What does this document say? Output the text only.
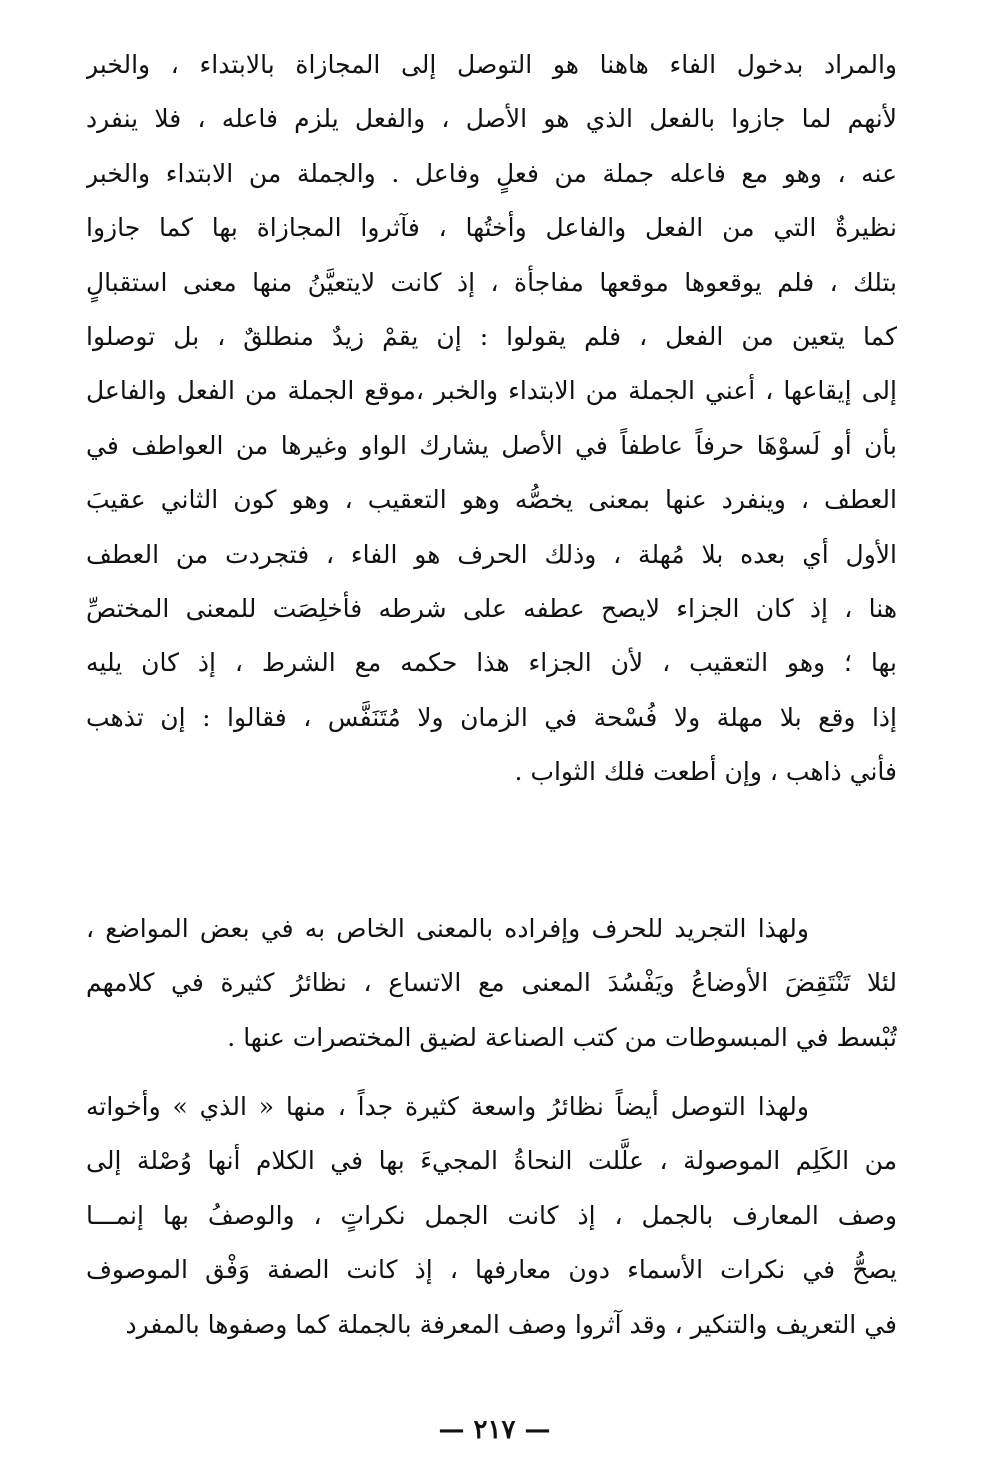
والمراد بدخول الفاء هاهنا هو التوصل إلى المجازاة بالابتداء ، والخبر
لأنهم لما جازوا بالفعل الذي هو الأصل ، والفعل يلزم فاعله ، فلا ينفرد
عنه ، وهو مع فاعله جملة من فعلٍ وفاعل . والجملة من الابتداء والخبر
نظيرةٌ التي من الفعل والفاعل وأختُها ، فآثروا المجازاة بها كما جازوا
بتلك ، فلم يوقعوها موقعها مفاجأة ، إذ كانت لايتعيَّنُ منها معنى استقبالٍ
كما يتعين من الفعل ، فلم يقولوا : إن يقمْ زيدٌ منطلقٌ ، بل توصلوا
إلى إيقاعها ، أعني الجملة من الابتداء والخبر ،موقع الجملة من الفعل والفاعل
بأن أو لَسوْهَا حرفاً عاطفاً في الأصل يشارك الواو وغيرها من العواطف في
العطف ، وينفرد عنها بمعنى يخصُّه وهو التعقيب ، وهو كون الثاني عقيبَ
الأول أي بعده بلا مُهلة ، وذلك الحرف هو الفاء ، فتجردت من العطف
هنا ، إذ كان الجزاء لايصح عطفه على شرطه فأخلِصَت للمعنى المختصِّ
بها ؛ وهو التعقيب ، لأن الجزاء هذا حكمه مع الشرط ، إذ كان يليه
إذا وقع بلا مهلة ولا فُسْحة في الزمان ولا مُتَنَفَّس ، فقالوا : إن تذهب
فأني ذاهب ، وإن أطعت فلك الثواب .
ولهذا التجريد للحرف وإفراده بالمعنى الخاص به في بعض المواضع ،
لئلا تَنْتَقِضَ الأوضاعُ ويَفْسُدَ المعنى مع الاتساع ، نظائرُ كثيرة في كلامهم
تُبْسط في المبسوطات من كتب الصناعة لضيق المختصرات عنها .
ولهذا التوصل أيضاً نظائرُ واسعة كثيرة جداً ، منها « الذي » وأخواته
من الكَلِم الموصولة ، علَّلت النحاةُ المجيءَ بها في الكلام أنها وُصْلة إلى
وصف المعارف بالجمل ، إذ كانت الجمل نكراتٍ ، والوصفُ بها إنمـــا
يصحُّ في نكرات الأسماء دون معارفها ، إذ كانت الصفة وَفْق الموصوف
في التعريف والتنكير ، وقد آثروا وصف المعرفة بالجملة كما وصفوها بالمفرد
— ٢١٧ —
